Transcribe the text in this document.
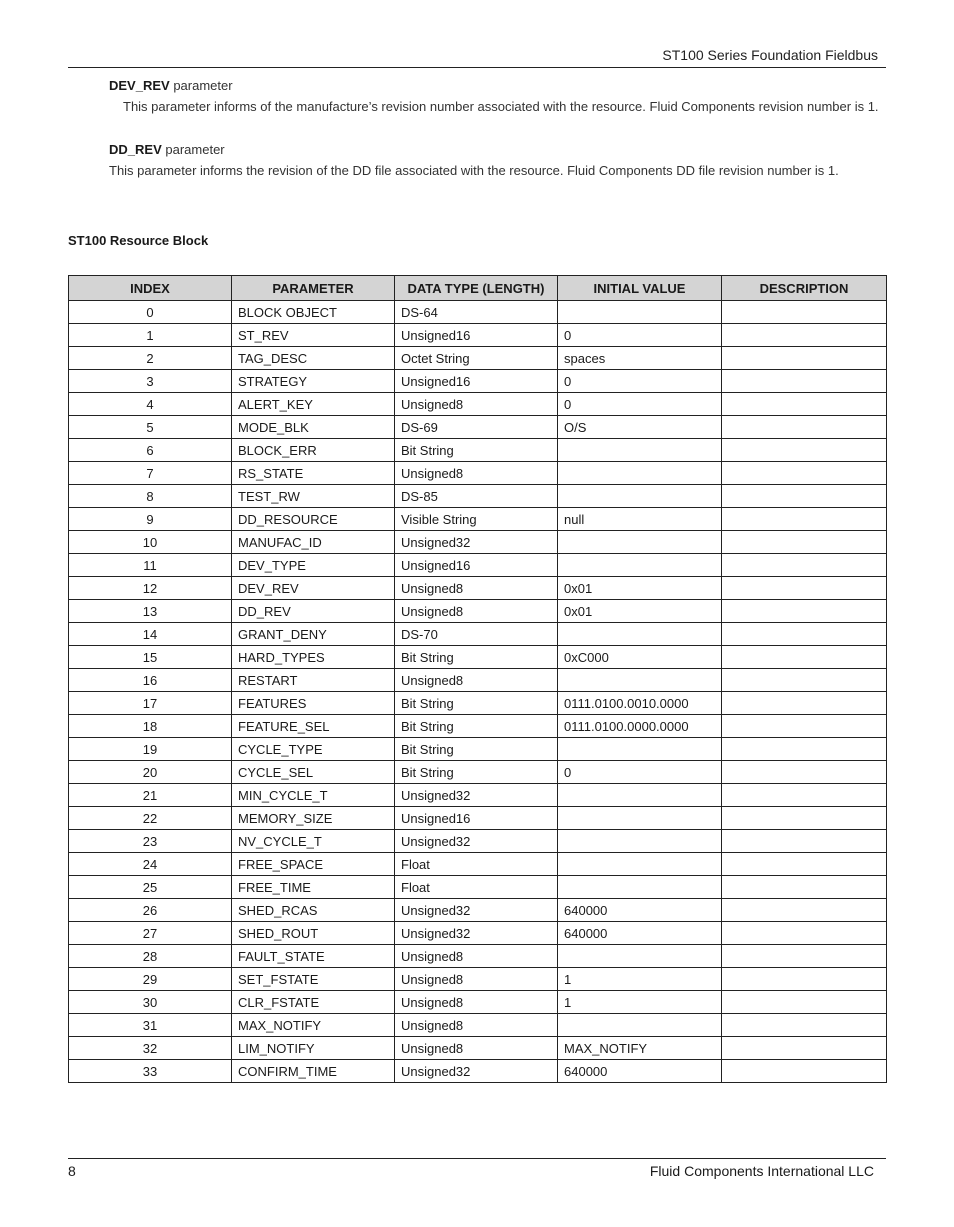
ST100 Series Foundation Fieldbus
DEV_REV parameter
This parameter informs of the manufacture’s revision number associated with the resource. Fluid Components revision number is 1.
DD_REV parameter
This parameter informs the revision of the DD file associated with the resource. Fluid Components DD file revision number is 1.
ST100 Resource Block
INDEX	PARAMETER	DATA TYPE (LENGTH)	INITIAL VALUE	DESCRIPTION
0	BLOCK OBJECT	DS-64		
1	ST_REV	Unsigned16	0	
2	TAG_DESC	Octet String	spaces	
3	STRATEGY	Unsigned16	0	
4	ALERT_KEY	Unsigned8	0	
5	MODE_BLK	DS-69	O/S	
6	BLOCK_ERR	Bit String		
7	RS_STATE	Unsigned8		
8	TEST_RW	DS-85		
9	DD_RESOURCE	Visible String	null	
10	MANUFAC_ID	Unsigned32		
11	DEV_TYPE	Unsigned16		
12	DEV_REV	Unsigned8	0x01	
13	DD_REV	Unsigned8	0x01	
14	GRANT_DENY	DS-70		
15	HARD_TYPES	Bit String	0xC000	
16	RESTART	Unsigned8		
17	FEATURES	Bit String	0111.0100.0010.0000	
18	FEATURE_SEL	Bit String	0111.0100.0000.0000	
19	CYCLE_TYPE	Bit String		
20	CYCLE_SEL	Bit String	0	
21	MIN_CYCLE_T	Unsigned32		
22	MEMORY_SIZE	Unsigned16		
23	NV_CYCLE_T	Unsigned32		
24	FREE_SPACE	Float		
25	FREE_TIME	Float		
26	SHED_RCAS	Unsigned32	640000	
27	SHED_ROUT	Unsigned32	640000	
28	FAULT_STATE	Unsigned8		
29	SET_FSTATE	Unsigned8	1	
30	CLR_FSTATE	Unsigned8	1	
31	MAX_NOTIFY	Unsigned8		
32	LIM_NOTIFY	Unsigned8	MAX_NOTIFY	
33	CONFIRM_TIME	Unsigned32	640000	
8	Fluid Components International LLC
